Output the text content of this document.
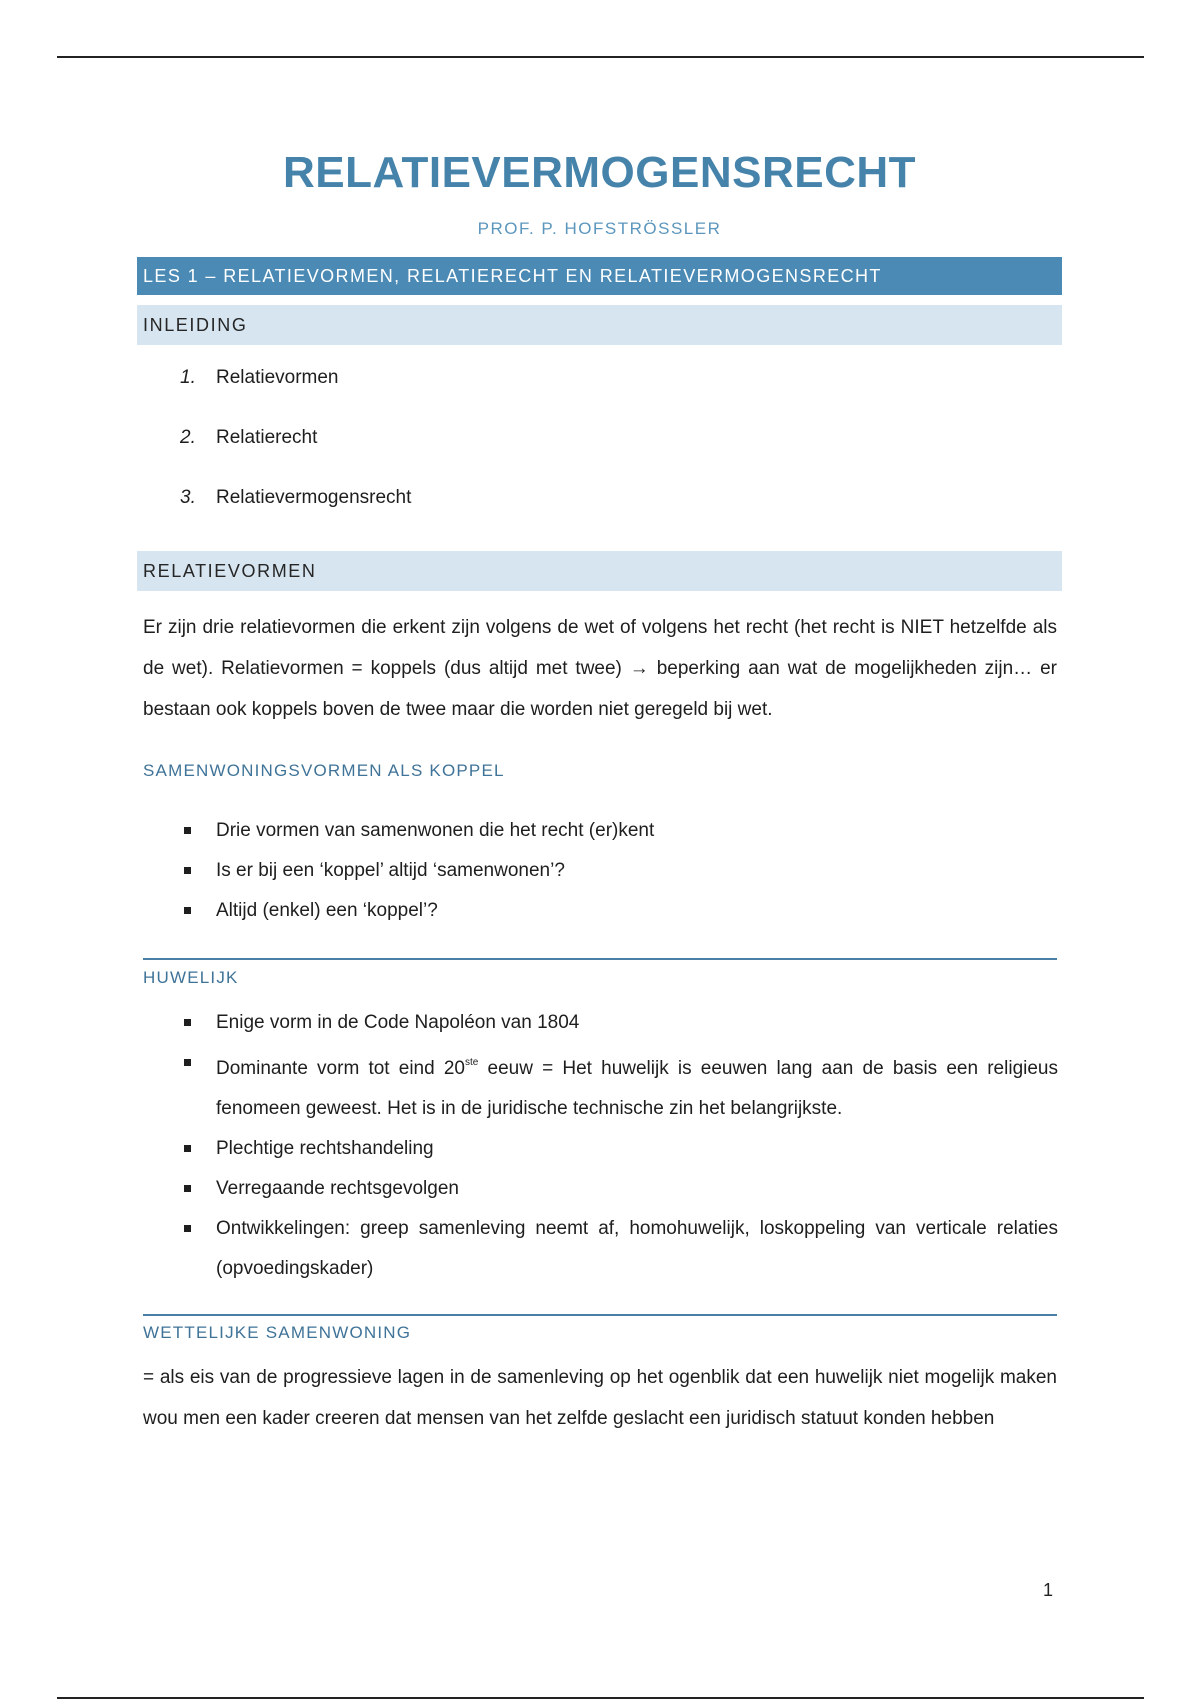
RELATIEVERMOGENSRECHT
PROF. P. HOFSTRÖSSLER
LES 1 – RELATIEVORMEN, RELATIERECHT EN RELATIEVERMOGENSRECHT
INLEIDING
1. Relatievormen
2. Relatierecht
3. Relatievermogensrecht
RELATIEVORMEN

Er zijn drie relatievormen die erkent zijn volgens de wet of volgens het recht (het recht is NIET hetzelfde als de wet). Relatievormen = koppels (dus altijd met twee) → beperking aan wat de mogelijkheden zijn… er bestaan ook koppels boven de twee maar die worden niet geregeld bij wet.

SAMENWONINGSVORMEN ALS KOPPEL
Drie vormen van samenwonen die het recht (er)kent
Is er bij een ‘koppel’ altijd ‘samenwonen’?
Altijd (enkel) een ‘koppel’?
HUWELIJK
Enige vorm in de Code Napoléon van 1804
Dominante vorm tot eind 20ste eeuw = Het huwelijk is eeuwen lang aan de basis een religieus fenomeen geweest. Het is in de juridische technische zin het belangrijkste.
Plechtige rechtshandeling
Verregaande rechtsgevolgen
Ontwikkelingen: greep samenleving neemt af, homohuwelijk, loskoppeling van verticale relaties (opvoedingskader)
WETTELIJKE SAMENWONING

= als eis van de progressieve lagen in de samenleving op het ogenblik dat een huwelijk niet mogelijk maken wou men een kader creeren dat mensen van het zelfde geslacht een juridisch statuut konden hebben

1
